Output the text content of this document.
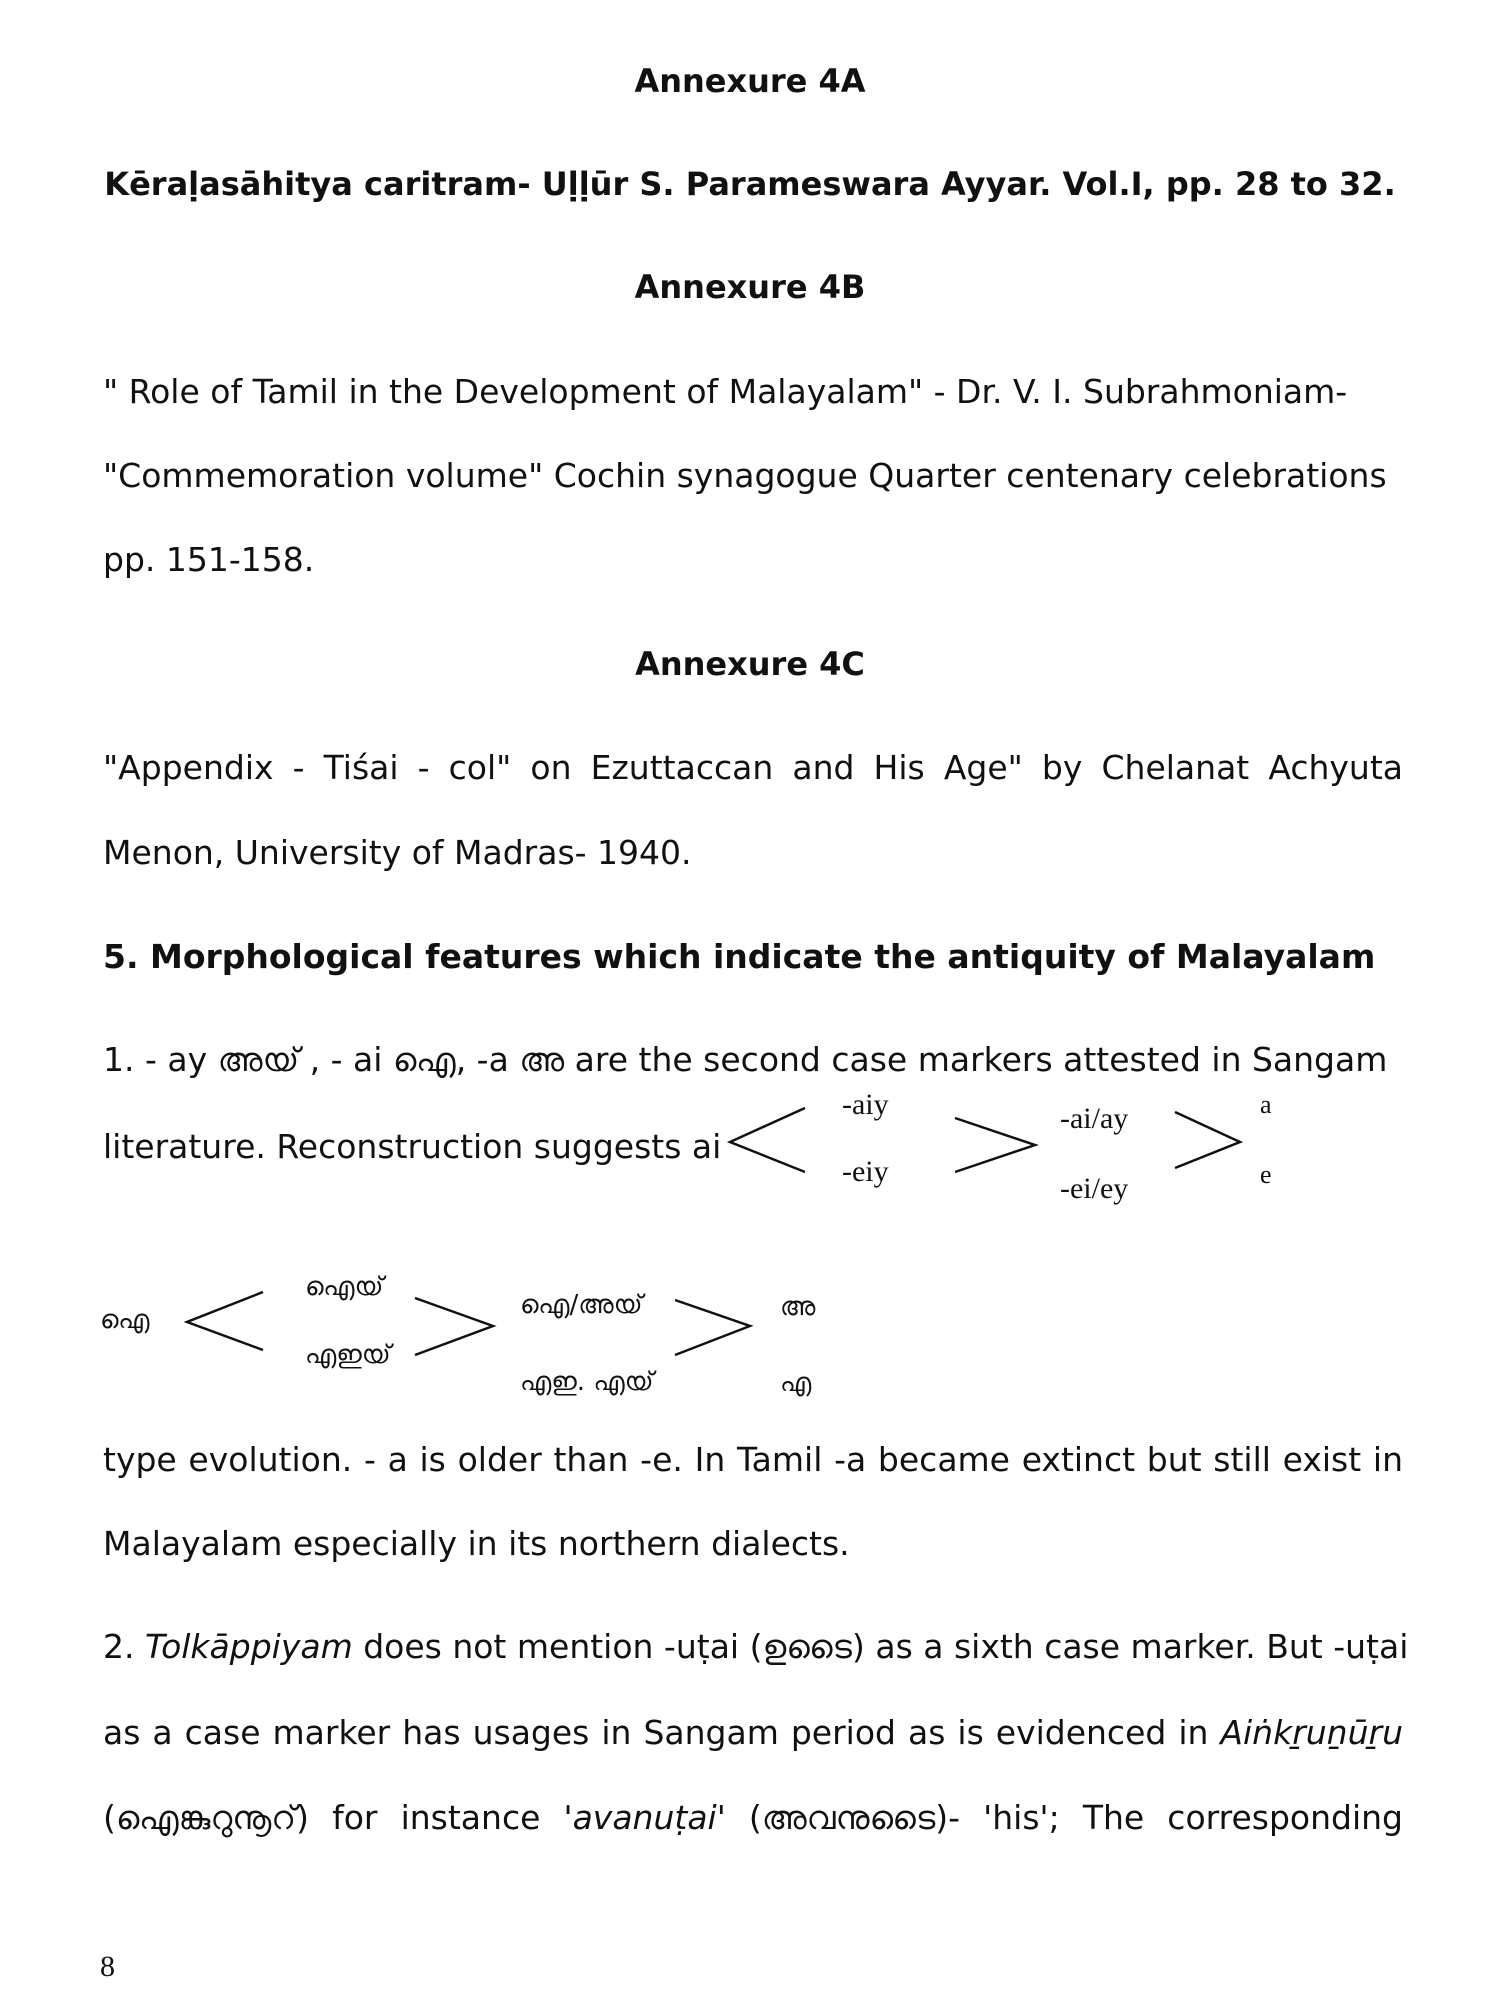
Annexure 4A
Kēraḷasāhitya caritram- Uḷḷūr S. Parameswara Ayyar. Vol.I, pp. 28 to 32.
Annexure 4B
" Role of Tamil in the Development of Malayalam" - Dr. V. I. Subrahmoniam-
"Commemoration volume" Cochin synagogue Quarter centenary celebrations
pp. 151-158.
Annexure 4C
"Appendix - Tiśai - col" on Ezuttaccan and His Age" by Chelanat Achyuta
Menon, University of Madras- 1940.
5. Morphological features which indicate the antiquity of Malayalam
1. - ay അയ് , - ai ഐ, -a അ are the second case markers attested in Sangam
literature. Reconstruction suggests ai
-aiy
-eiy
-ai/ay
-ei/ey
a
e
ഐ
ഐയ്
എഇയ്
ഐ/അയ്
എഇ. എയ്
അ
എ
type evolution. - a is older than -e. In Tamil -a became extinct but still exist in
Malayalam especially in its northern dialects.
2. Tolkāppiyam does not mention -uṭai (ഉടൈ) as a sixth case marker. But -uṭai
as a case marker has usages in Sangam period as is evidenced in Aiṅkṟuṉūṟu
(ഐങ്കുറുനൂറ്) for instance 'avanuṭai' (അവനുടൈ)- 'his'; The corresponding
8
